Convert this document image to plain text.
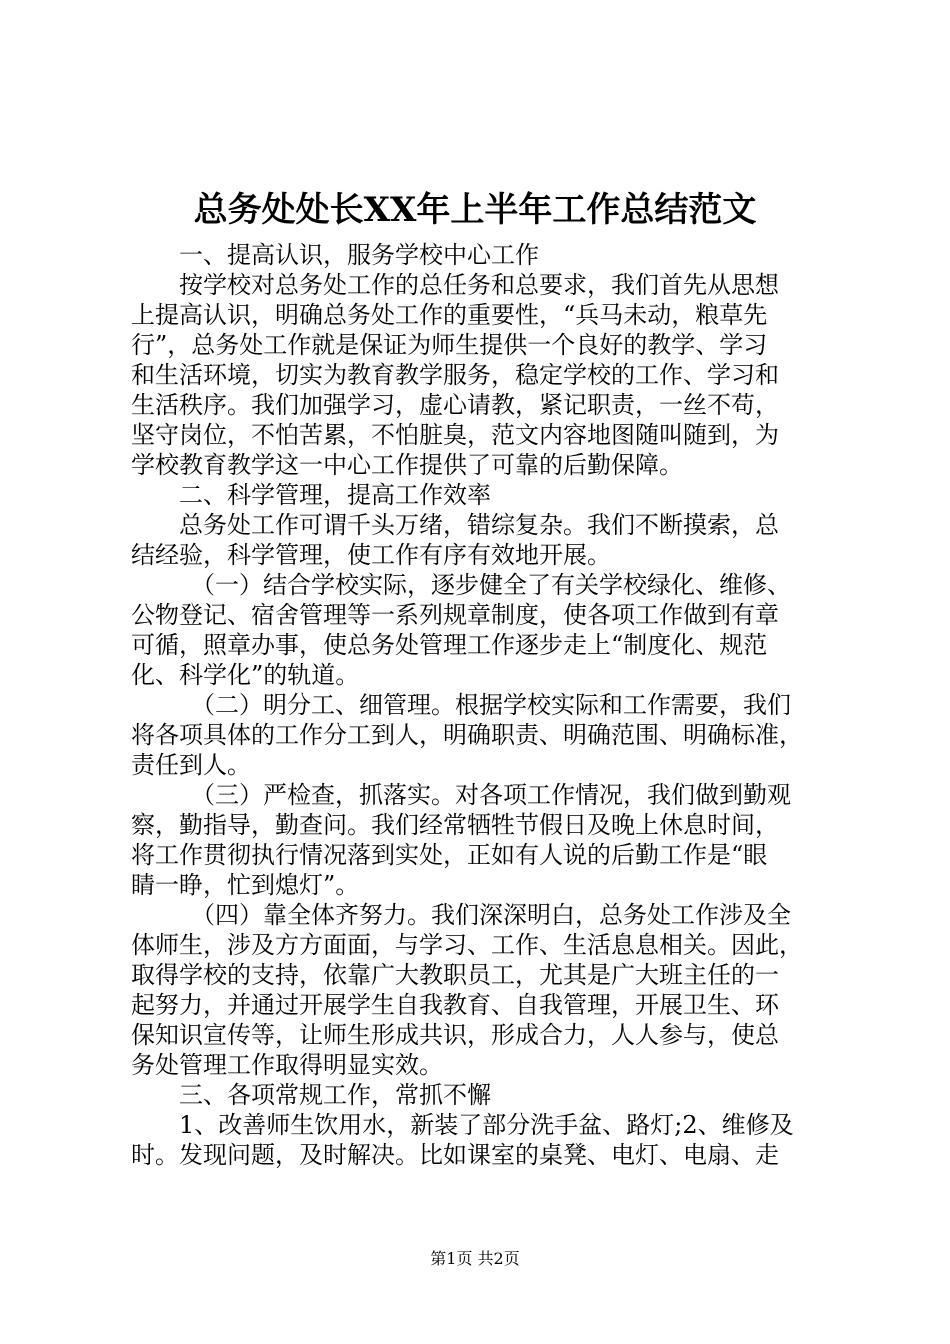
总务处处长XX年上半年工作总结范文
一、提高认识，服务学校中心工作
按学校对总务处工作的总任务和总要求，我们首先从思想
上提高认识，明确总务处工作的重要性，“兵马未动，粮草先
行”，总务处工作就是保证为师生提供一个良好的教学、学习
和生活环境，切实为教育教学服务，稳定学校的工作、学习和
生活秩序。我们加强学习，虚心请教，紧记职责，一丝不苟，
坚守岗位，不怕苦累，不怕脏臭，范文内容地图随叫随到，为
学校教育教学这一中心工作提供了可靠的后勤保障。
二、科学管理，提高工作效率
总务处工作可谓千头万绪，错综复杂。我们不断摸索，总
结经验，科学管理，使工作有序有效地开展。
（一）结合学校实际，逐步健全了有关学校绿化、维修、
公物登记、宿舍管理等一系列规章制度，使各项工作做到有章
可循，照章办事，使总务处管理工作逐步走上“制度化、规范
化、科学化”的轨道。
（二）明分工、细管理。根据学校实际和工作需要，我们
将各项具体的工作分工到人，明确职责、明确范围、明确标准，
责任到人。
（三）严检查，抓落实。对各项工作情况，我们做到勤观
察，勤指导，勤查问。我们经常牺牲节假日及晚上休息时间，
将工作贯彻执行情况落到实处，正如有人说的后勤工作是“眼
睛一睁，忙到熄灯”。
（四）靠全体齐努力。我们深深明白，总务处工作涉及全
体师生，涉及方方面面，与学习、工作、生活息息相关。因此，
取得学校的支持，依靠广大教职员工，尤其是广大班主任的一
起努力，并通过开展学生自我教育、自我管理，开展卫生、环
保知识宣传等，让师生形成共识，形成合力，人人参与，使总
务处管理工作取得明显实效。
三、各项常规工作，常抓不懈
1、改善师生饮用水，新装了部分洗手盆、路灯;2、维修及
时。发现问题，及时解决。比如课室的桌凳、电灯、电扇、走
第1页 共2页
